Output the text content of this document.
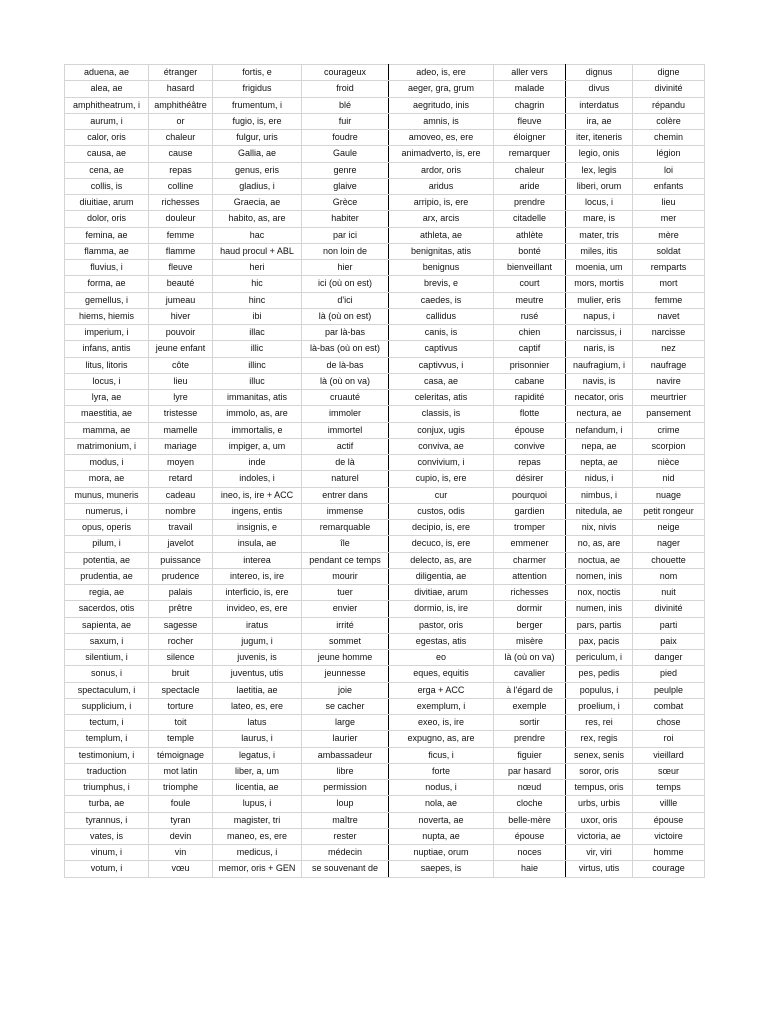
aduena, ae	étranger	fortis, e	courageux	adeo, is, ere	aller vers	dignus	digne
alea, ae	hasard	frigidus	froid	aeger, gra, grum	malade	divus	divinité
amphitheatrum, i	amphithéâtre	frumentum, i	blé	aegritudo, inis	chagrin	interdatus	répandu
aurum, i	or	fugio, is, ere	fuir	amnis, is	fleuve	ira, ae	colère
calor, oris	chaleur	fulgur, uris	foudre	amoveo, es, ere	éloigner	iter, iteneris	chemin
causa, ae	cause	Gallia, ae	Gaule	animadverto, is, ere	remarquer	legio, onis	légion
cena, ae	repas	genus, eris	genre	ardor, oris	chaleur	lex, legis	loi
collis, is	colline	gladius, i	glaive	aridus	aride	liberi, orum	enfants
diuitiae, arum	richesses	Graecia, ae	Grèce	arripio, is, ere	prendre	locus, i	lieu
dolor, oris	douleur	habito, as, are	habiter	arx, arcis	citadelle	mare, is	mer
femina, ae	femme	hac	par ici	athleta, ae	athlète	mater, tris	mère
flamma, ae	flamme	haud procul + ABL	non loin de	benignitas, atis	bonté	miles, itis	soldat
fluvius, i	fleuve	heri	hier	benignus	bienveillant	moenia, um	remparts
forma, ae	beauté	hic	ici (où on est)	brevis, e	court	mors, mortis	mort
gemellus, i	jumeau	hinc	d'ici	caedes, is	meutre	mulier, eris	femme
hiems, hiemis	hiver	ibi	là (où on est)	callidus	rusé	napus, i	navet
imperium, i	pouvoir	illac	par là-bas	canis, is	chien	narcissus, i	narcisse
infans, antis	jeune enfant	illic	là-bas (où on est)	captivus	captif	naris, is	nez
litus, litoris	côte	illinc	de là-bas	captivvus, i	prisonnier	naufragium, i	naufrage
locus, i	lieu	illuc	là (où on va)	casa, ae	cabane	navis, is	navire
lyra, ae	lyre	immanitas, atis	cruauté	celeritas, atis	rapidité	necator, oris	meurtrier
maestitia, ae	tristesse	immolo, as, are	immoler	classis, is	flotte	nectura, ae	pansement
mamma, ae	mamelle	immortalis, e	immortel	conjux, ugis	épouse	nefandum, i	crime
matrimonium, i	mariage	impiger, a, um	actif	conviva, ae	convive	nepa, ae	scorpion
modus, i	moyen	inde	de là	convivium, i	repas	nepta, ae	nièce
mora, ae	retard	indoles, i	naturel	cupio, is, ere	désirer	nidus, i	nid
munus, muneris	cadeau	ineo, is, ire + ACC	entrer dans	cur	pourquoi	nimbus, i	nuage
numerus, i	nombre	ingens, entis	immense	custos, odis	gardien	nitedula, ae	petit rongeur
opus, operis	travail	insignis, e	remarquable	decipio, is, ere	tromper	nix, nivis	neige
pilum, i	javelot	insula, ae	île	decuco, is, ere	emmener	no, as, are	nager
potentia, ae	puissance	interea	pendant ce temps	delecto, as, are	charmer	noctua, ae	chouette
prudentia, ae	prudence	intereo, is, ire	mourir	diligentia, ae	attention	nomen, inis	nom
regia, ae	palais	interficio, is, ere	tuer	divitiae, arum	richesses	nox, noctis	nuit
sacerdos, otis	prêtre	invideo, es, ere	envier	dormio, is, ire	dormir	numen, inis	divinité
sapienta, ae	sagesse	iratus	irrité	pastor, oris	berger	pars, partis	parti
saxum, i	rocher	jugum, i	sommet	egestas, atis	misère	pax, pacis	paix
silentium, i	silence	juvenis, is	jeune homme	eo	là (où on va)	periculum, i	danger
sonus, i	bruit	juventus, utis	jeunnesse	eques, equitis	cavalier	pes, pedis	pied
spectaculum, i	spectacle	laetitia, ae	joie	erga + ACC	à l'égard de	populus, i	peulple
supplicium, i	torture	lateo, es, ere	se cacher	exemplum, i	exemple	proelium, i	combat
tectum, i	toit	latus	large	exeo, is, ire	sortir	res, rei	chose
templum, i	temple	laurus, i	laurier	expugno, as, are	prendre	rex, regis	roi
testimonium, i	témoignage	legatus, i	ambassadeur	ficus, i	figuier	senex, senis	vieillard
traduction	mot latin	liber, a, um	libre	forte	par hasard	soror, oris	sœur
triumphus, i	triomphe	licentia, ae	permission	nodus, i	nœud	tempus, oris	temps
turba, ae	foule	lupus, i	loup	nola, ae	cloche	urbs, urbis	villle
tyrannus, i	tyran	magister, tri	maître	noverta, ae	belle-mère	uxor, oris	épouse
vates, is	devin	maneo, es, ere	rester	nupta, ae	épouse	victoria, ae	victoire
vinum, i	vin	medicus, i	médecin	nuptiae, orum	noces	vir, viri	homme
votum, i	vœu	memor, oris + GEN	se souvenant de	saepes, is	haie	virtus, utis	courage
